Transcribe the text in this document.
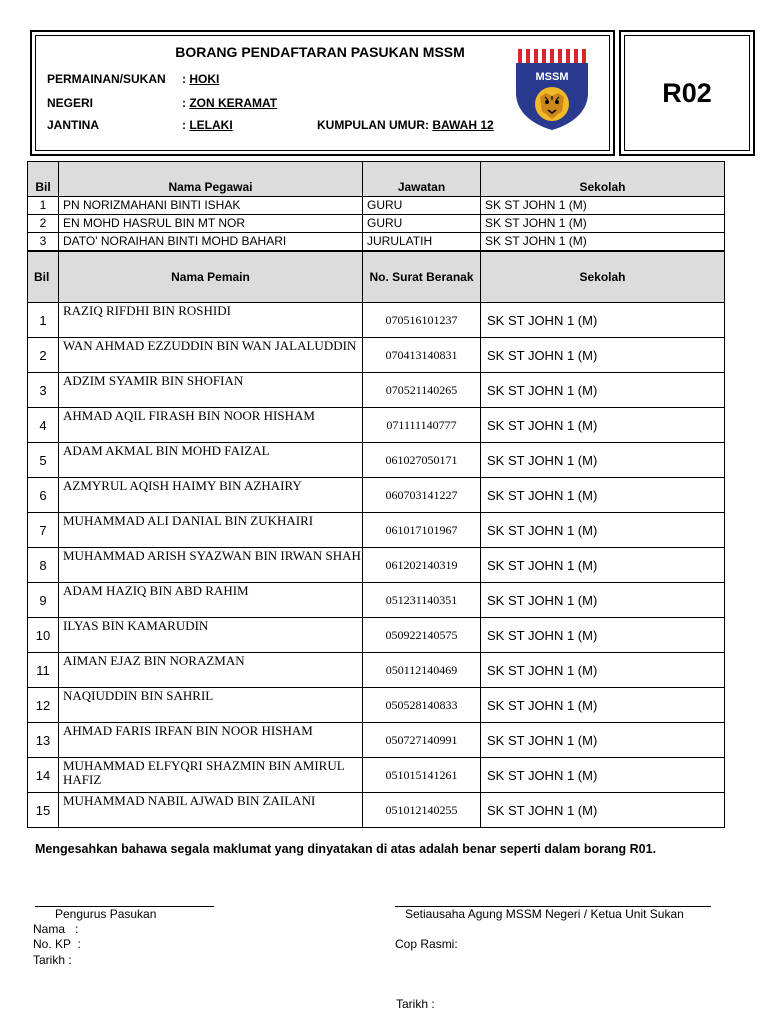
R02
BORANG PENDAFTARAN PASUKAN MSSM
PERMAINAN/SUKAN : HOKI
NEGERI	: ZON KERAMAT
JANTINA	: LELAKI	KUMPULAN UMUR: BAWAH 12
MSSM
Bil	Nama Pegawai	Jawatan	Sekolah
1	PN NORIZMAHANI BINTI ISHAK	GURU	SK ST JOHN 1 (M)
2	EN MOHD HASRUL BIN MT NOR	GURU	SK ST JOHN 1 (M)
3	DATO' NORAIHAN BINTI MOHD BAHARI	JURULATIH	SK ST JOHN 1 (M)
Bil	Nama Pemain	No. Surat Beranak	Sekolah
1	RAZIQ RIFDHI BIN ROSHIDI	070516101237	SK ST JOHN 1 (M)
2	WAN AHMAD EZZUDDIN BIN WAN JALALUDDIN	070413140831	SK ST JOHN 1 (M)
3	ADZIM SYAMIR BIN SHOFIAN	070521140265	SK ST JOHN 1 (M)
4	AHMAD AQIL FIRASH BIN NOOR HISHAM	071111140777	SK ST JOHN 1 (M)
5	ADAM AKMAL BIN MOHD FAIZAL	061027050171	SK ST JOHN 1 (M)
6	AZMYRUL AQISH HAIMY BIN AZHAIRY	060703141227	SK ST JOHN 1 (M)
7	MUHAMMAD ALI DANIAL BIN ZUKHAIRI	061017101967	SK ST JOHN 1 (M)
8	MUHAMMAD ARISH SYAZWAN BIN IRWAN SHAH	061202140319	SK ST JOHN 1 (M)
9	ADAM HAZIQ BIN ABD RAHIM	051231140351	SK ST JOHN 1 (M)
10	ILYAS BIN KAMARUDIN	050922140575	SK ST JOHN 1 (M)
11	AIMAN EJAZ BIN NORAZMAN	050112140469	SK ST JOHN 1 (M)
12	NAQIUDDIN BIN SAHRIL	050528140833	SK ST JOHN 1 (M)
13	AHMAD FARIS IRFAN BIN NOOR HISHAM	050727140991	SK ST JOHN 1 (M)
14	MUHAMMAD ELFYQRI SHAZMIN BIN AMIRUL HAFIZ	051015141261	SK ST JOHN 1 (M)
15	MUHAMMAD NABIL AJWAD BIN ZAILANI	051012140255	SK ST JOHN 1 (M)
Mengesahkan bahawa segala maklumat yang dinyatakan di atas adalah benar seperti dalam borang R01.
Pengurus Pasukan
Nama   :
No. KP  :
Tarikh :
Setiausaha Agung MSSM Negeri / Ketua Unit Sukan
Cop Rasmi:
Tarikh :
